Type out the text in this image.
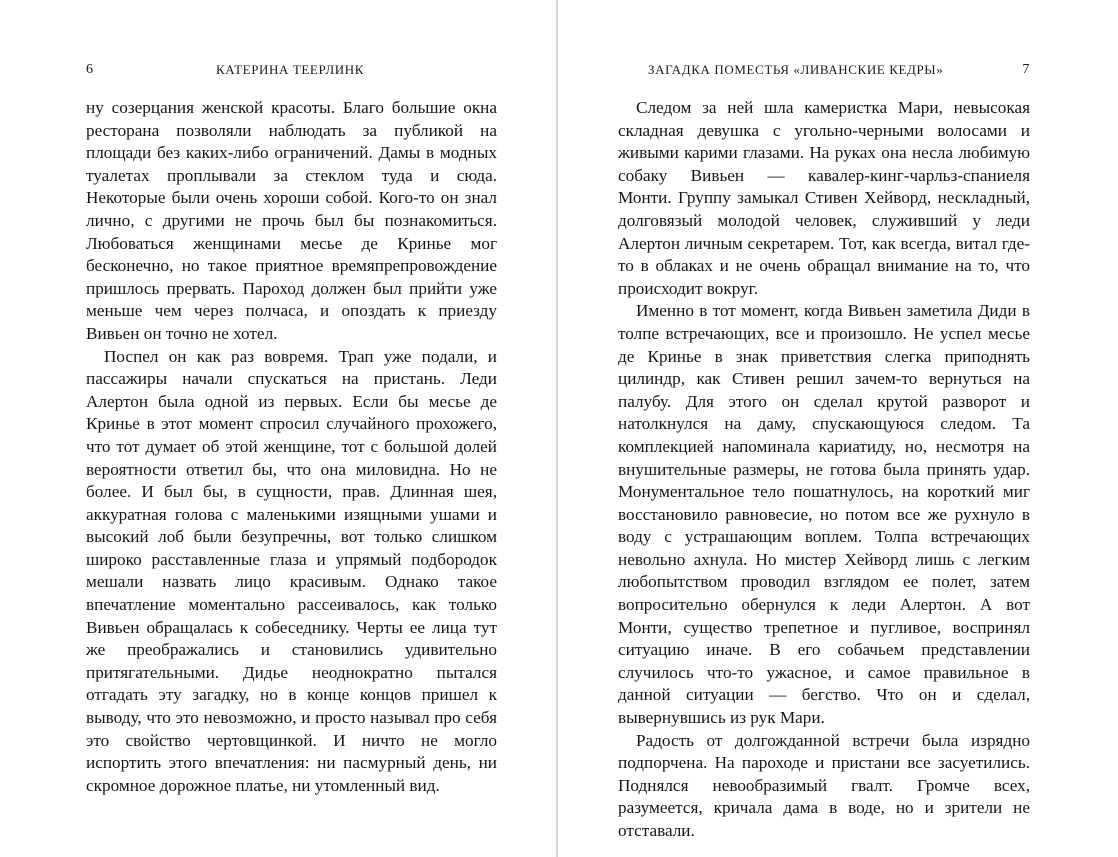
6	КАТЕРИНА ТЕЕРЛИНК

ну созерцания женской красоты. Благо большие окна ресторана позволяли наблюдать за публикой на площади без каких-либо ограничений. Дамы в модных туалетах проплывали за стеклом туда и сюда. Некоторые были очень хороши собой. Кого-то он знал лично, с другими не прочь был бы познакомиться. Любоваться женщинами месье де Криньe мог бесконечно, но такое приятное времяпрепровождение пришлось прервать. Пароход должен был прийти уже меньше чем через полчаса, и опоздать к приезду Вивьен он точно не хотел.

Поспел он как раз вовремя. Трап уже подали, и пассажиры начали спускаться на пристань. Леди Алертон была одной из первых. Если бы месье де Криньe в этот момент спросил случайного прохожего, что тот думает об этой женщине, тот с большой долей вероятности ответил бы, что она миловидна. Но не более. И был бы, в сущности, прав. Длинная шея, аккуратная голова с маленькими изящными ушами и высокий лоб были безупречны, вот только слишком широко расставленные глаза и упрямый подбородок мешали назвать лицо красивым. Однако такое впечатление моментально рассеивалось, как только Вивьен обращалась к собеседнику. Черты ее лица тут же преображались и становились удивительно притягательными. Дидье неоднократно пытался отгадать эту загадку, но в конце концов пришел к выводу, что это невозможно, и просто называл про себя это свойство чертовщинкой. И ничто не могло испортить этого впечатления: ни пасмурный день, ни скромное дорожное платье, ни утомленный вид.

ЗАГАДКА ПОМЕСТЬЯ «ЛИВАНСКИЕ КЕДРЫ»	7

Следом за ней шла камеристка Мари, невысокая складная девушка с угольно-черными волосами и живыми карими глазами. На руках она несла любимую собаку Вивьен — кавалер-кинг-чарльз-спаниеля Монти. Группу замыкал Стивен Хейворд, нескладный, долговязый молодой человек, служивший у леди Алертон личным секретарем. Тот, как всегда, витал где-то в облаках и не очень обращал внимание на то, что происходит вокруг.

Именно в тот момент, когда Вивьен заметила Диди в толпе встречающих, все и произошло. Не успел месье де Криньe в знак приветствия слегка приподнять цилиндр, как Стивен решил зачем-то вернуться на палубу. Для этого он сделал крутой разворот и натолкнулся на даму, спускающуюся следом. Та комплекцией напоминала кариатиду, но, несмотря на внушительные размеры, не готова была принять удар. Монументальное тело пошатнулось, на короткий миг восстановило равновесие, но потом все же рухнуло в воду с устрашающим воплем. Толпа встречающих невольно ахнула. Но мистер Хейворд лишь с легким любопытством проводил взглядом ее полет, затем вопросительно обернулся к леди Алертон. А вот Монти, существо трепетное и пугливое, воспринял ситуацию иначе. В его собачьем представлении случилось что-то ужасное, и самое правильное в данной ситуации — бегство. Что он и сделал, вывернувшись из рук Мари.

Радость от долгожданной встречи была изрядно подпорчена. На пароходе и пристани все засуетились. Поднялся невообразимый гвалт. Громче всех, разумеется, кричала дама в воде, но и зрители не отставали.
